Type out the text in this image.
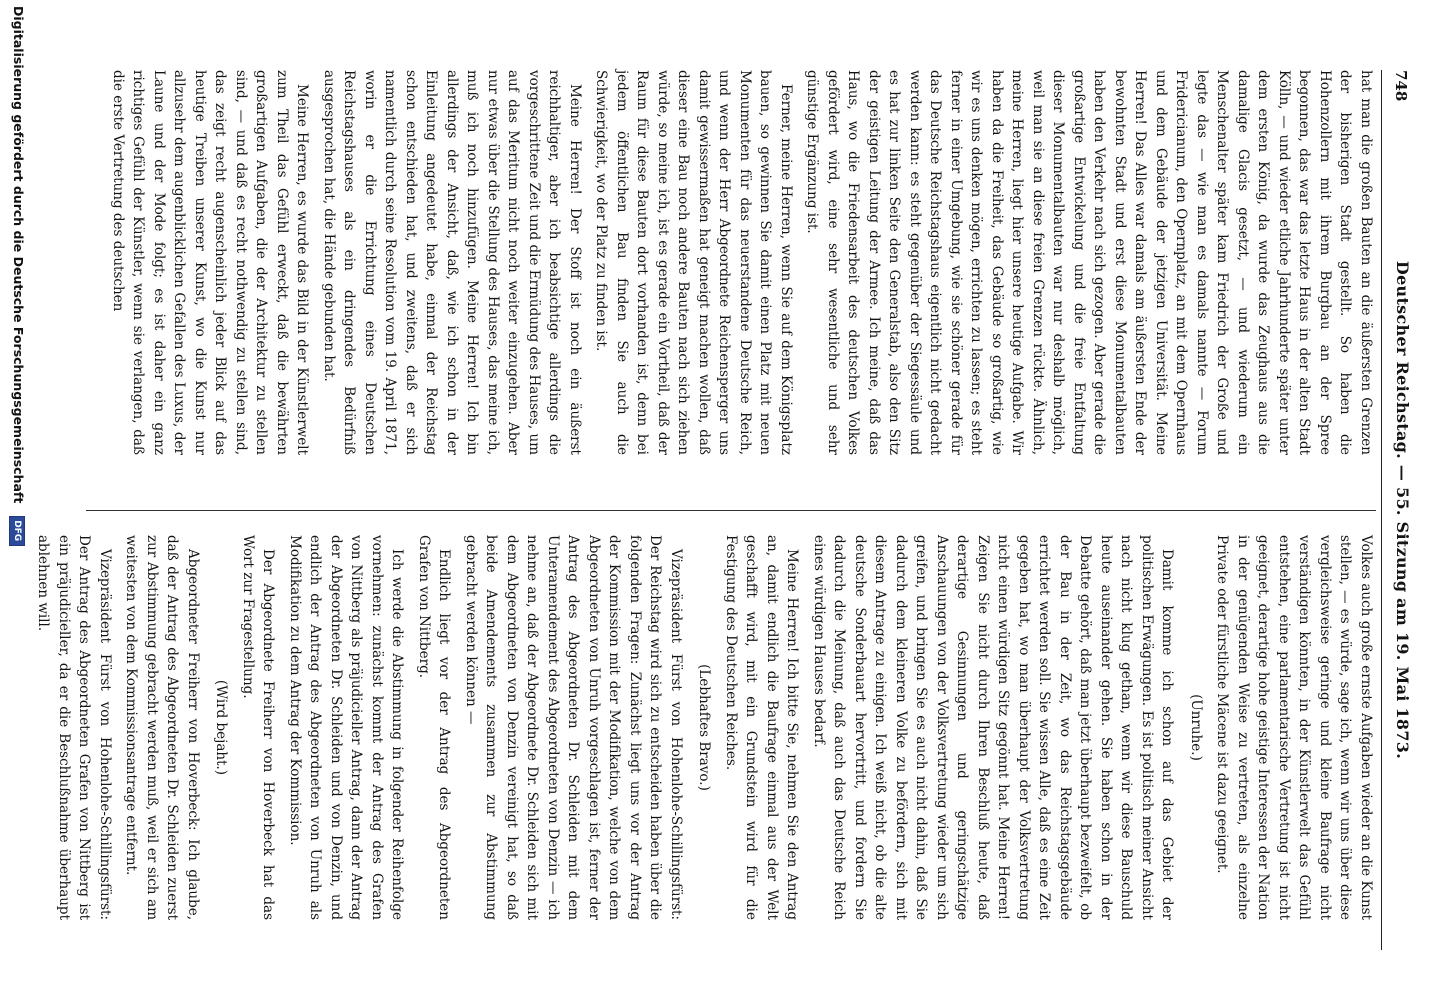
748
Deutscher Reichstag. — 55. Sitzung am 19. Mai 1873.

hat man die großen Bauten an die äußersten Grenzen der bisherigen Stadt gestellt. So haben die Hohenzollern mit ihrem Burgbau an der Spree begonnen, das war das letzte Haus in der alten Stadt Kölln, — und wieder etliche Jahrhunderte später unter dem ersten König, da wurde das Zeughaus aus die damalige Glacis gesetzt, — und wiederum ein Menschenalter später kam Friedrich der Große und legte das — wie man es damals nannte — Forum Fridericianum, den Opernplatz, an mit dem Opernhaus und dem Gebäude der jetzigen Universität. Meine Herren! Das Alles war damals am äußersten Ende der bewohnten Stadt und erst diese Monumentalbauten haben den Verkehr nach sich gezogen. Aber gerade die großartige Entwickelung und die freie Entfaltung dieser Monumentalbauten war nur deshalb möglich, weil man sie an diese freien Grenzen rückte. Ähnlich, meine Herren, liegt hier unsere heutige Aufgabe. Wir haben da die Freiheit, das Gebäude so großartig, wie wir es uns denken mögen, errichten zu lassen; es steht ferner in einer Umgebung, wie sie schöner gerade für das Deutsche Reichstagshaus eigentlich nicht gedacht werden kann: es steht gegenüber der Siegessäule und es hat zur linken Seite den Generalstab, also den Sitz der geistigen Leitung der Armee. Ich meine, daß das Haus, wo die Friedensarbeit des deutschen Volkes gefördert wird, eine sehr wesentliche und sehr günstige Ergänzung ist.

Ferner, meine Herren, wenn Sie auf dem Königsplatz bauen, so gewinnen Sie damit einen Platz mit neuen Monumenten für das neuerstandene Deutsche Reich, und wenn der Herr Abgeordnete Reichensperger uns damit gewissermaßen hat geneigt machen wollen, daß dieser eine Bau noch andere Bauten nach sich ziehen würde, so meine ich, ist es gerade ein Vortheil, daß der Raum für diese Bauten dort vorhanden ist, denn bei jedem öffentlichen Bau finden Sie auch die Schwierigkeit, wo der Platz zu finden ist.

Meine Herren! Der Stoff ist noch ein äußerst reichhaltiger, aber ich beabsichtige allerdings die vorgeschrittene Zeit und die Ermüdung des Hauses, um auf das Meritum nicht noch weiter einzugehen. Aber nur etwas über die Stellung des Hauses, das meine ich, muß ich noch hinzufügen. Meine Herren! Ich bin allerdings der Ansicht, daß, wie ich schon in der Einleitung angedeutet habe, einmal der Reichstag schon entschieden hat, und zweitens, daß er sich namentlich durch seine Resolution vom 19. April 1871, worin er die Errichtung eines Deutschen Reichstagshauses als ein dringendes Bedürfniß ausgesprochen hat, die Hände gebunden hat.

Meine Herren, es wurde das Bild in der Künstlerwelt zum Theil das Gefühl erweckt, daß die bewährten großartigen Aufgaben, die der Architektur zu stellen sind, — und daß es recht nothwendig zu stellen sind, das zeigt recht augenscheinlich jeder Blick auf das heutige Treiben unserer Kunst, wo die Kunst nur allzusehr dem augenblicklichen Gefallen des Luxus, der Laune und der Mode folgt; es ist daher ein ganz richtiges Gefühl der Künstler, wenn sie verlangen, daß die erste Vertretung des deutschen

Volkes auch große ernste Aufgaben wieder an die Kunst stellen, — es würde, sage ich, wenn wir uns über diese vergleichsweise geringe und kleine Baufrage nicht verständigen könnten, in der Künstlerwelt das Gefühl entstehen, eine parlamentarische Vertretung ist nicht geeignet, derartige hohe geistige Interessen der Nation in der genügenden Weise zu vertreten, als einzelne Private oder fürstliche Mäcene ist dazu geeignet.

(Unruhe.)

Damit komme ich schon auf das Gebiet der politischen Erwägungen. Es ist politisch meiner Ansicht nach nicht klug gethan, wenn wir diese Bauschuld heute auseinander gehen. Sie haben schon in der Debatte gehört, daß man jetzt überhaupt bezweifelt, ob der Bau in der Zeit, wo das Reichstagsgebäude errichtet werden soll. Sie wissen Alle, daß es eine Zeit gegeben hat, wo man überhaupt der Volksvertretung nicht einen würdigen Sitz gegönnt hat. Meine Herren! Zeigen Sie nicht durch Ihren Beschluß heute, daß derartige Gesinnungen und geringschätzige Anschauungen von der Volksvertretung wieder um sich greifen, und bringen Sie es auch nicht dahin, daß Sie dadurch dem kleineren Volke zu befördern, sich mit diesem Antrage zu einigen. Ich weiß nicht, ob die alte deutsche Sonderbauart hervortritt, und fordern Sie dadurch die Meinung, daß auch das Deutsche Reich eines würdigen Hauses bedarf.

Meine Herren! Ich bitte Sie, nehmen Sie den Antrag an, damit endlich die Baufrage einmal aus der Welt geschafft wird, mit ein Grundstein wird für die Festigung des Deutschen Reiches.

(Lebhaftes Bravo.)

Vizepräsident Fürst von Hohenlohe-Schillingsfürst: Der Reichstag wird sich zu entscheiden haben über die folgenden Fragen: Zunächst liegt uns vor der Antrag der Kommission mit der Modifikation, welche von dem Abgeordneten von Unruh vorgeschlagen ist, ferner der Antrag des Abgeordneten Dr. Schleiden mit dem Unteramendement des Abgeordneten von Denzin — ich nehme an, daß der Abgeordnete Dr. Schleiden sich mit dem Abgeordneten von Denzin vereinigt hat, so daß beide Amendements zusammen zur Abstimmung gebracht werden können —

Endlich liegt vor der Antrag des Abgeordneten Grafen von Nittberg.

Ich werde die Abstimmung in folgender Reihenfolge vornehmen: zunächst kommt der Antrag des Grafen von Nittberg als präjudicieller Antrag, dann der Antrag der Abgeordneten Dr. Schleiden und von Denzin, und endlich der Antrag des Abgeordneten von Unruh als Modifikation zu dem Antrag der Kommission.

Der Abgeordnete Freiherr von Hoverbeck hat das Wort zur Fragestellung.

(Wird bejaht.)

Abgeordneter Freiherr von Hoverbeck: Ich glaube, daß der Antrag des Abgeordneten Dr. Schleiden zuerst zur Abstimmung gebracht werden muß, weil er sich am weitesten von dem Kommissionsantrage entfernt.

Vizepräsident Fürst von Hohenlohe-Schillingsfürst: Der Antrag des Abgeordneten Grafen von Nittberg ist ein präjudicieller, da er die Beschlußnahme überhaupt ablehnen will.

Digitalisierung gefördert durch die Deutsche Forschungsgemeinschaft DFG
